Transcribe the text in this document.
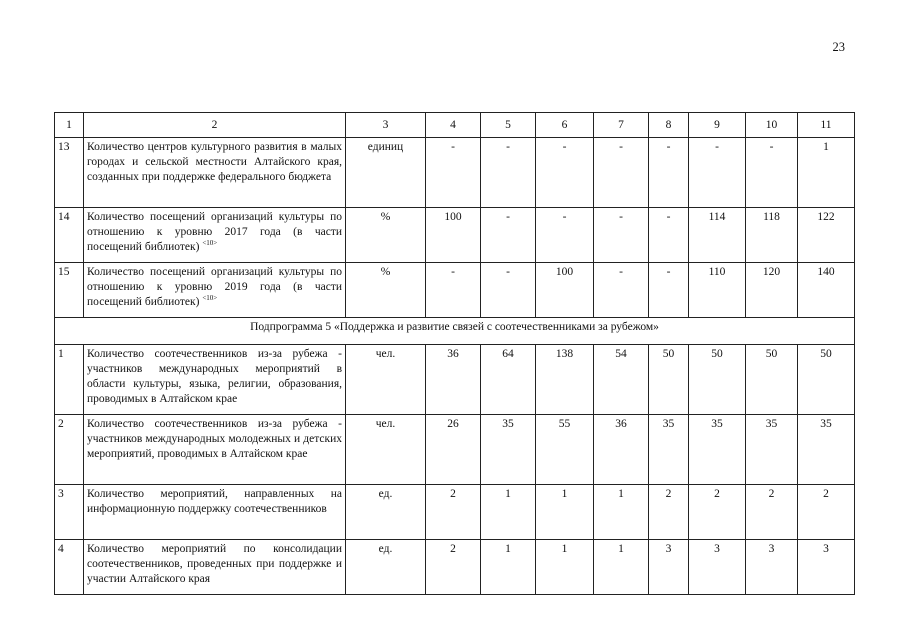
23
1	2	3	4	5	6	7	8	9	10	11
13	Количество центров культурного развития в малых городах и сельской местности Алтайского края, созданных при поддержке федерального бюджета	единиц	-	-	-	-	-	-	-	1
14	Количество посещений организаций культуры по отношению к уровню 2017 года (в части посещений библиотек) $^{<10>}$	%	100	-	-	-	-	114	118	122
15	Количество посещений организаций культуры по отношению к уровню 2019 года (в части посещений библиотек) $^{<10>}$	%	-	-	100	-	-	110	120	140
Подпрограмма 5 «Поддержка и развитие связей с соотечественниками за рубежом»										
1	Количество соотечественников из-за рубежа - участников международных мероприятий в области культуры, языка, религии, образования, проводимых в Алтайском крае	чел.	36	64	138	54	50	50	50	50
2	Количество соотечественников из-за рубежа - участников международных молодежных и детских мероприятий, проводимых в Алтайском крае	чел.	26	35	55	36	35	35	35	35
3	Количество мероприятий, направленных на информационную поддержку соотечественников	ед.	2	1	1	1	2	2	2	2
4	Количество мероприятий по консолидации соотечественников, проведенных при поддержке и участии Алтайского края	ед.	2	1	1	1	3	3	3	3
